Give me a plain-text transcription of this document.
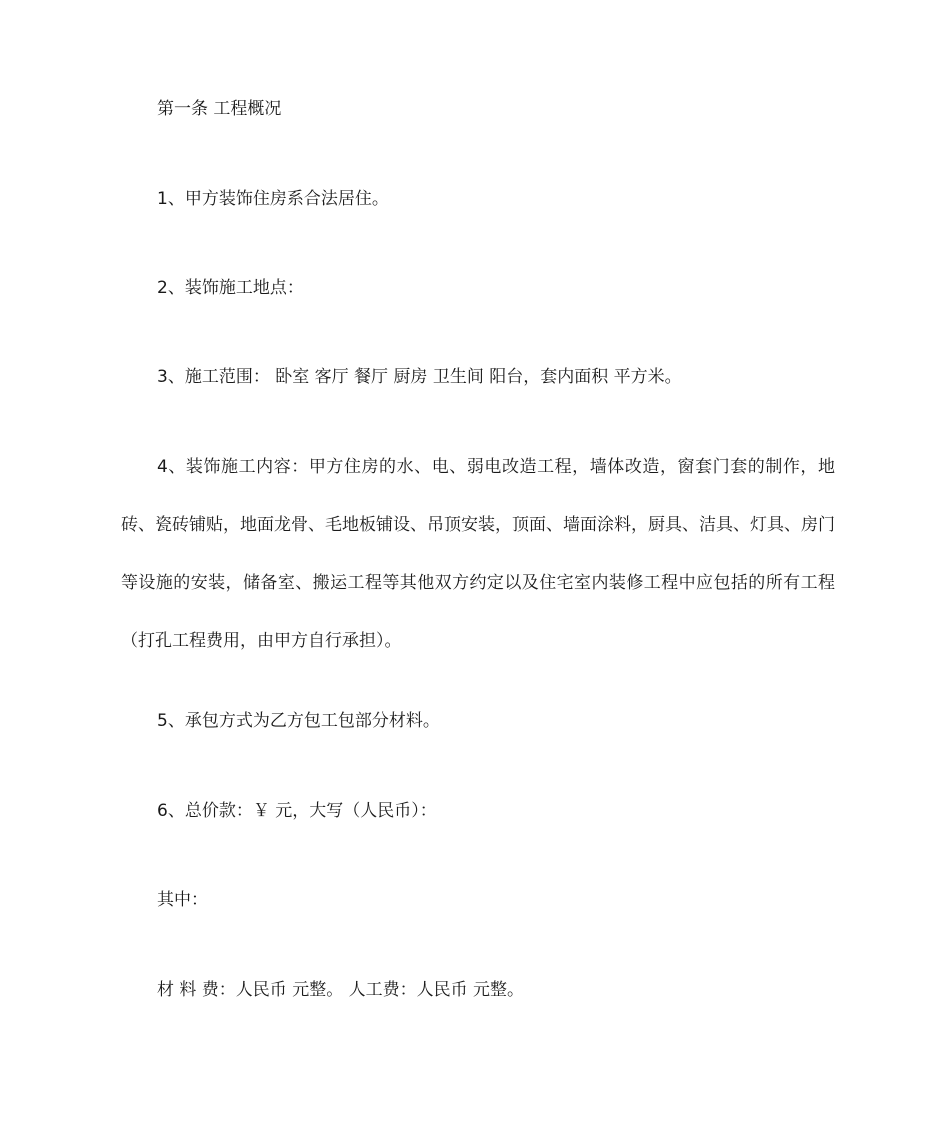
第一条 工程概况

1、甲方装饰住房系合法居住。

2、装饰施工地点：

3、施工范围： 卧室 客厅 餐厅 厨房 卫生间 阳台，套内面积 平方米。

4、装饰施工内容：甲方住房的水、电、弱电改造工程，墙体改造，窗套门套的制作，地砖、瓷砖铺贴，地面龙骨、毛地板铺设、吊顶安装，顶面、墙面涂料，厨具、洁具、灯具、房门等设施的安装，储备室、搬运工程等其他双方约定以及住宅室内装修工程中应包括的所有工程（打孔工程费用，由甲方自行承担）。

5、承包方式为乙方包工包部分材料。

6、总价款：￥ 元，大写（人民币）：

其中：

材 料 费：人民币 元整。 人工费：人民币 元整。
